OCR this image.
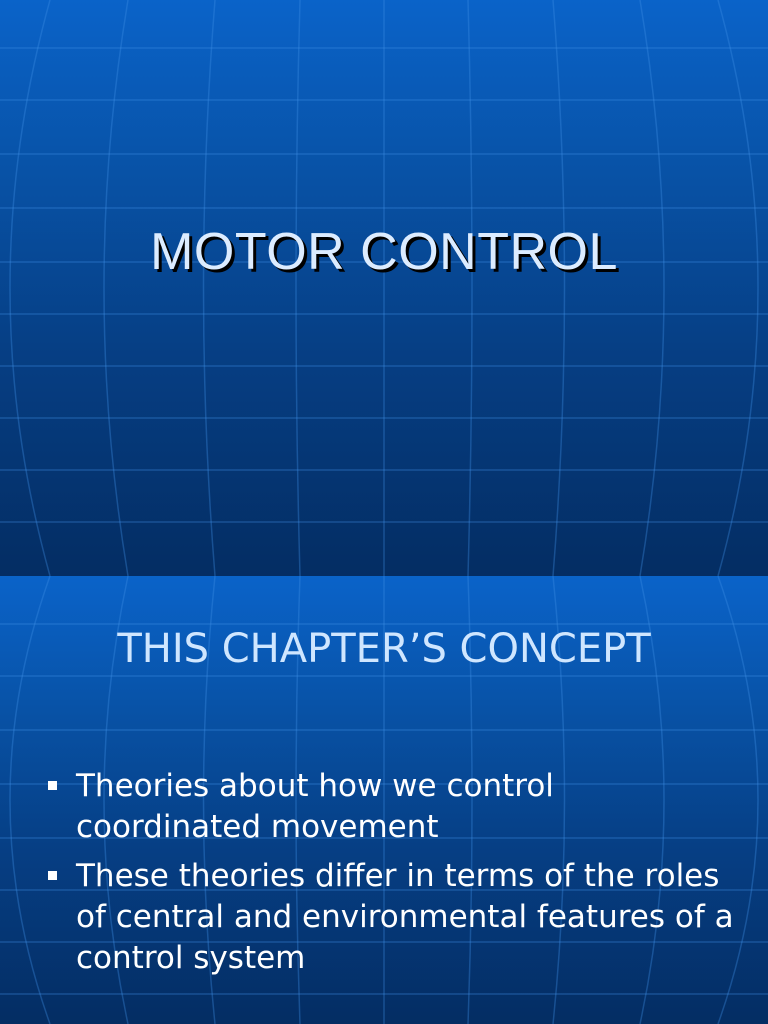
MOTOR CONTROL
THIS CHAPTER’S CONCEPT
Theories about how we control coordinated movement
These theories differ in terms of the roles of central and environmental features of a control system
